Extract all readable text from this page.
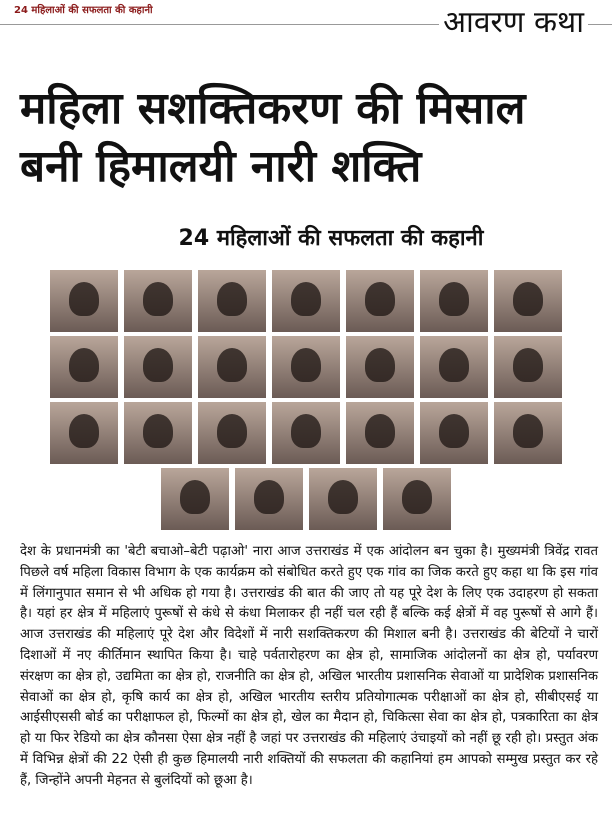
24 महिलाओं की सफलता की कहानी	आवरण कथा
महिला सशक्तिकरण की मिसाल
बनी हिमालयी नारी शक्ति
24 महिलाओं की सफलता की कहानी
देश के प्रधानमंत्री का 'बेटी बचाओ–बेटी पढ़ाओ' नारा आज उत्तराखंड में एक आंदोलन बन चुका है। मुख्यमंत्री त्रिवेंद्र रावत पिछले वर्ष महिला विकास विभाग के एक कार्यक्रम को संबोधित करते हुए एक गांव का जिक करते हुए कहा था कि इस गांव में लिंगानुपात समान से भी अधिक हो गया है। उत्तराखंड की बात की जाए तो यह पूरे देश के लिए एक उदाहरण हो सकता है। यहां हर क्षेत्र में महिलाएं पुरूषों से कंधे से कंधा मिलाकर ही नहीं चल रही हैं बल्कि कई क्षेत्रों में वह पुरूषों से आगे हैं। आज उत्तराखंड की महिलाएं पूरे देश और विदेशों में नारी सशक्तिकरण की मिशाल बनी है। उत्तराखंड की बेटियों ने चारों दिशाओं में नए कीर्तिमान स्थापित किया है। चाहे पर्वतारोहरण का क्षेत्र हो, सामाजिक आंदोलनों का क्षेत्र हो, पर्यावरण संरक्षण का क्षेत्र हो, उद्यमिता का क्षेत्र हो, राजनीति का क्षेत्र हो, अखिल भारतीय प्रशासनिक सेवाओं या प्रादेशिक प्रशासनिक सेवाओं का क्षेत्र हो, कृषि कार्य का क्षेत्र हो, अखिल भारतीय स्तरीय प्रतियोगात्मक परीक्षाओं का क्षेत्र हो, सीबीएसई या आईसीएससी बोर्ड का परीक्षाफल हो, फिल्मों का क्षेत्र हो, खेल का मैदान हो, चिकित्सा सेवा का क्षेत्र हो, पत्रकारिता का क्षेत्र हो या फिर रेडियो का क्षेत्र कौनसा ऐसा क्षेत्र नहीं है जहां पर उत्तराखंड की महिलाएं उंचाइयों को नहीं छू रही हो। प्रस्तुत अंक में विभिन्न क्षेत्रों की 22 ऐसी ही कुछ हिमालयी नारी शक्तियों की सफलता की कहानियां हम आपको सम्मुख प्रस्तुत कर रहे हैं, जिन्होंने अपनी मेहनत से बुलंदियों को छूआ है।
